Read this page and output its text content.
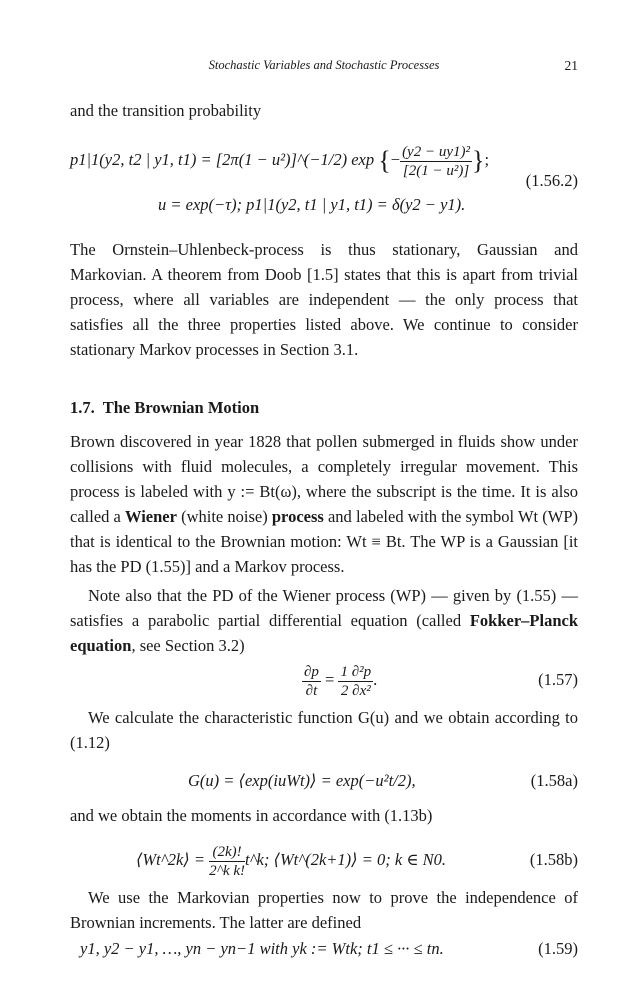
Stochastic Variables and Stochastic Processes	21
and the transition probability
p1|1(y2, t2 | y1, t1) = [2π(1 − u²)]^(−1/2) exp {− $\frac{\text{(y2 − uy1)²}}{\text{[2(1 − u²)]}}$ };
(1.56.2)
u = exp(−τ); p1|1(y2, t1 | y1, t1) = δ(y2 − y1).
The Ornstein–Uhlenbeck-process is thus stationary, Gaussian and Markovian. A theorem from Doob [1.5] states that this is apart from trivial process, where all variables are independent — the only process that satisfies all the three properties listed above. We continue to consider stationary Markov processes in Section 3.1.
1.7. The Brownian Motion
Brown discovered in year 1828 that pollen submerged in fluids show under collisions with fluid molecules, a completely irregular movement. This process is labeled with y := Bt(ω), where the subscript is the time. It is also called a Wiener (white noise) process and labeled with the symbol Wt (WP) that is identical to the Brownian motion: Wt ≡ Bt. The WP is a Gaussian [it has the PD (1.55)] and a Markov process.
Note also that the PD of the Wiener process (WP) — given by (1.55) — satisfies a parabolic partial differential equation (called Fokker–Planck equation, see Section 3.2)
$\frac{\partial p}{\partial t} = \frac{\text{1 ∂²p}}{\text{2 ∂x²}}$ .	(1.57)
We calculate the characteristic function G(u) and we obtain according to (1.12)
G(u) = ⟨exp(iuWt)⟩ = exp(−u²t/2),	(1.58a)
and we obtain the moments in accordance with (1.13b)
⟨Wt^2k⟩ = $\frac{(2k)!}{\text{2\textasciicircum{}k k!}}$ t^k; ⟨Wt^(2k+1)⟩ = 0; k ∈ N0.	(1.58b)
We use the Markovian properties now to prove the independence of Brownian increments. The latter are defined
y1, y2 − y1, …, yn − yn−1 with yk := Wtk; t1 ≤ ··· ≤ tn.	(1.59)
